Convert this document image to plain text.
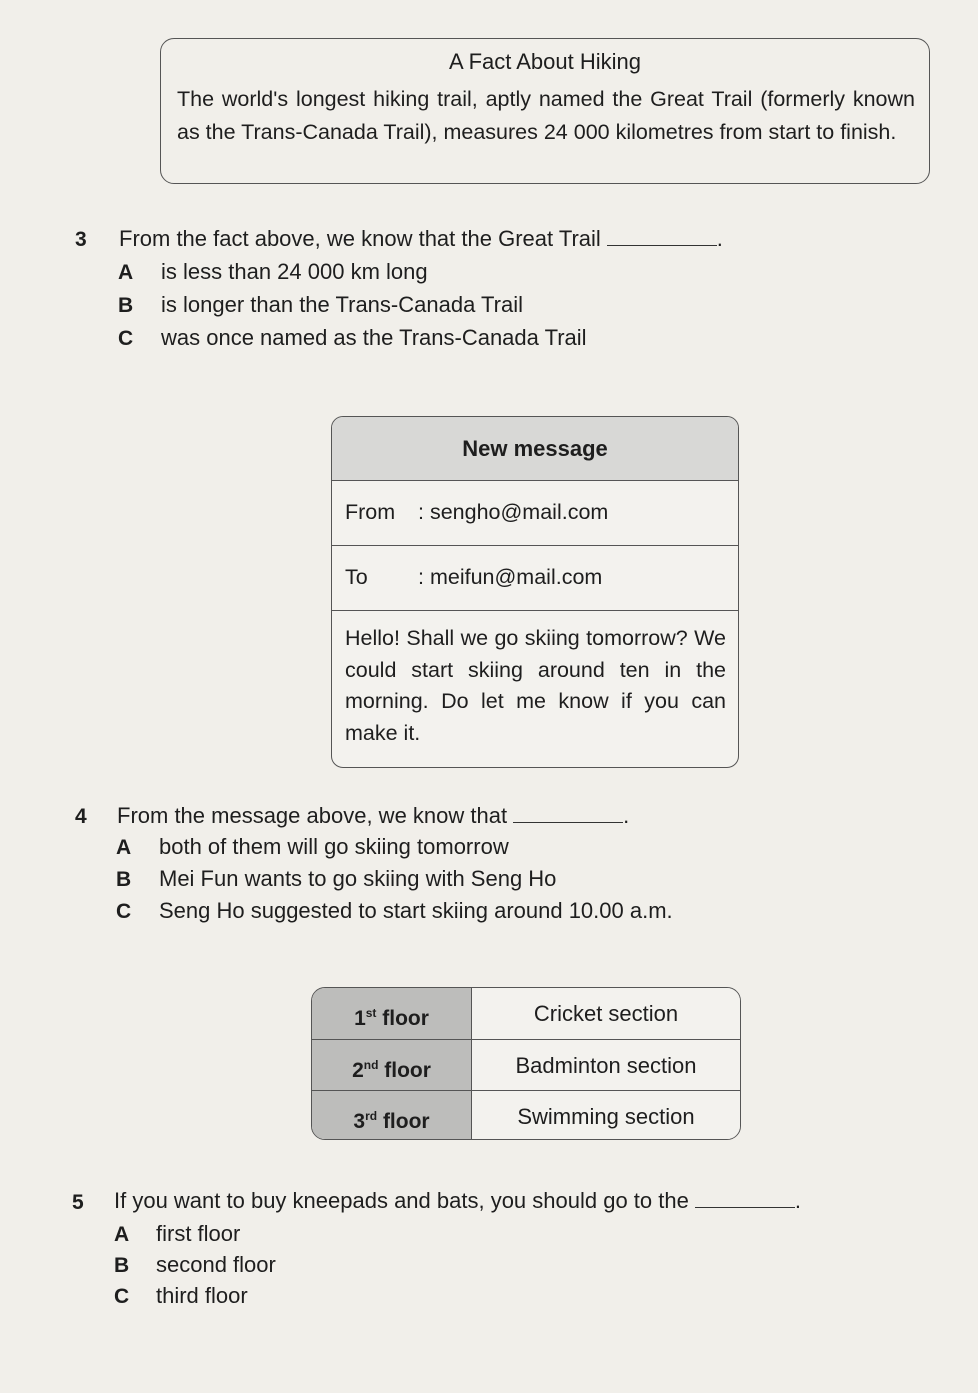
A Fact About Hiking
The world's longest hiking trail, aptly named the Great Trail (formerly known as the Trans-Canada Trail), measures 24 000 kilometres from start to finish.
3 From the fact above, we know that the Great Trail	.
A is less than 24 000 km long
B is longer than the Trans-Canada Trail
C was once named as the Trans-Canada Trail
New message
From : sengho@mail.com
To : meifun@mail.com
Hello! Shall we go skiing tomorrow? We could start skiing around ten in the morning. Do let me know if you can make it.
4 From the message above, we know that	.
A both of them will go skiing tomorrow
B Mei Fun wants to go skiing with Seng Ho
C Seng Ho suggested to start skiing around 10.00 a.m.
1st floor	Cricket section
2nd floor	Badminton section
3rd floor	Swimming section
5 If you want to buy kneepads and bats, you should go to the	.
A first floor
B second floor
C third floor
